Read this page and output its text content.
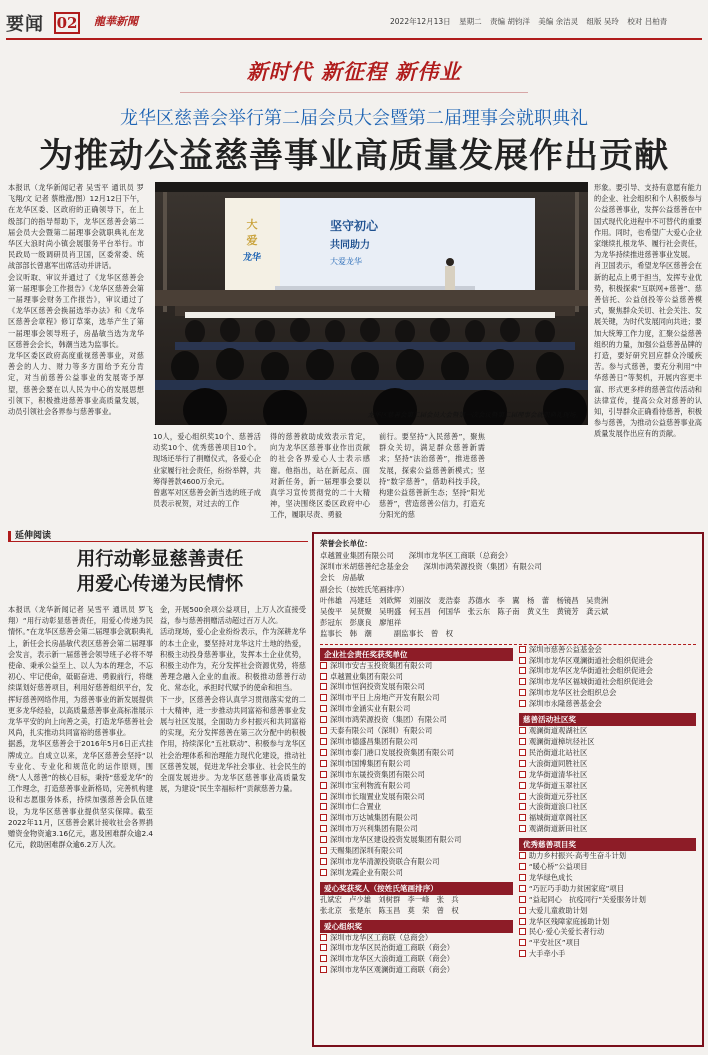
要闻 02 龍華新聞	2022年12月13日 星期二 责编 胡钧洋 美编 余洁灵 组版 吴玲 校对 吕柏青
新时代 新征程 新伟业
龙华区慈善会举行第二届会员大会暨第二届理事会就职典礼
为推动公益慈善事业高质量发展作出贡献
本报讯（龙华新闻记者 吴雪平 通讯员 罗飞翔/文 记者 蔡维涨/图）12月12日下午，在龙华区委、区政府的正确领导下，在上级部门的指导帮助下，龙华区慈善会第二届会员大会暨第二届理事会就职典礼在龙华区大浪时尚小镇会展服务平台举行。市民政局一级调研员肖卫国，区委常委、统战部部长曾惠军出席活动并讲话。
会议听取、审议并通过了《龙华区慈善会第一届理事会工作报告》《龙华区慈善会第一届理事会财务工作报告》，审议通过了《龙华区慈善会换届选举办法》和《龙华区慈善会章程》修订草案，选举产生了第一届理事会领导班子，房晶敏当选为龙华区慈善会会长，韩潮当选为监事长。
龙华区委区政府高度重视慈善事业，对慈善会的人力、财力等多方面给予充分肯定，对当前慈善公益事业的发展寄予厚望，慈善会要在以人民为中心的发展思想引领下，积极推进慈善事业高质量发展，动员引领社会各界参与慈善事业。
10人，爱心组织奖10个、慈善活动奖10个、优秀慈善项目10个。现场还举行了捐赠仪式，各爱心企业家履行社会责任，纷纷举牌，共筹得善款4600万余元。
曾惠军对区慈善会新当选的班子成员表示祝贺，对过去的工作
得的慈善救助成效表示肯定，向为龙华区慈善事业作出贡献的社会各界爱心人士表示感谢。他指出，站在新起点、面对新任务，新一届理事会要以真学习宣传贯彻党的二十大精神，坚决围绕区委区政府中心工作，履职尽责、勇毅
前行。要坚持“入民慈善”，聚焦群众关切，满足群众慈善新需求；坚持“法治慈善”，推进慈善发展，探索公益慈善新模式；坚持“数字慈善”，借助科技手段，构建公益慈善新生态；坚持“阳光慈善”，营造慈善公信力，打造充分阳光的慈
形象。要引导、支持有意愿有能力的企业、社会组织和个人积极参与公益慈善事业，发挥公益慈善在中国式现代化进程中不可替代的重要作用。同时，也希望广大爱心企业家继续扎根龙华、履行社会责任，为龙华持续推进慈善事业发展。
肖卫国表示，希望龙华区慈善会在新的起点上勇于担当，发挥专业优势，积极探索“互联网+慈善”、慈善信托、公益创投等公益慈善模式，聚焦群众关切、社会关注、发展关键，为时代发展同向共进；要加大统筹工作力度，汇聚公益慈善组织的力量，加强公益慈善品牌的打造，要好研究回应群众冷暖疾苦。参与式慈善，要充分利用“中华慈善日”等契机，开展内容更丰富、形式更多样的慈善宣传活动和法律宣传，提高公众对慈善的认知，引导群众正确看待慈善，积极参与慈善，为推动公益慈善事业高质量发展作出应有的贡献。
大
爱
龙华
坚守初心
共同助力
大爱龙华
龙华区慈善会第二届会员大会暨第一次会议暨第二届理事会就职典礼现场。
延伸阅读
用行动彰显慈善责任
用爱心传递为民情怀
本报讯（龙华新闻记者 吴雪平 通讯员 罗飞翔）“用行动彰显慈善责任，用爱心传递为民情怀。”在龙华区慈善会第二届理事会就职典礼上，新任会长房晶敏代表区慈善会第二届理事会发言，表示新一届慈善会领导班子必将不辱使命、秉承公益至上、以人为本的理念，不忘初心、牢记使命，砥砺奋进、勇毅前行，将继续谋划好慈善项目，利用好慈善组织平台，发挥好慈善网络作用，为慈善事业的新发展提供更多龙华经验，以高质量慈善事业高标准展示龙华平安的向上向善之美，打造龙华慈善社会风尚，扎实推动共同富裕的慈善事业。
据悉，龙华区慈善会于2016年5月6日正式挂牌成立。自成立以来，龙华区慈善会坚持“以专业化、专业化和规范化的运作原则，围绕“人人慈善”的核心目标，秉持“慈爱龙华”的工作理念，打造慈善事业新格局，完善机构建设和志愿服务体系，持续加强慈善会队伍建设，为龙华区慈善事业提供坚实保障。截至2022年11月，区慈善会累计接收社会各界捐赠资金物资逾3.16亿元，惠及困难群众逾2.4亿元，救助困难群众逾6.2万人次。
金，开展500余项公益项目，上万人次直接受益，参与慈善捐赠活动超过百万人次。
活动现场，爱心企业纷纷表示，作为深耕龙华的本土企业，要坚持对龙华这片土地的热爱，积极主动投身慈善事业，发挥本土企业优势，积极主动作为，充分发挥社会资源优势，将慈善理念融入企业的血液。积极推动慈善行动化、常态化，承担时代赋予的使命和担当。
下一步，区慈善会将认真学习贯彻落实党的二十大精神，进一步推动共同富裕和慈善事业发展与社区发展，全面助力乡村振兴和共同富裕的实现，充分发挥慈善在第三次分配中的积极作用，持续深化“五社联动”、积极参与龙华区社会治理体系和治理能力现代化建设，推动社区慈善发展，促进龙华社会事业、社会民生的全面发展进步。为龙华区慈善事业高质量发展，为建设“民生幸福标杆”贡献慈善力量。
荣誉会长单位：
卓越置业集团有限公司　　深圳市龙华区工商联（总商会）
深圳市米胡慈善纪念基金会　　深圳市鸿荣源投资（集团）有限公司
会长　房晶敏
副会长（按姓氏笔画排序）
叶伟雄　冯建廷　刘欧辉　刘丽汝　麦浩泰　苏德水　李　翼　杨　蕾　杨镜昌　吴贵洲
吴俊平　吴贤聚　吴明盛　何玉昌　何国华　张云东　陈子南　黄义生　黄镜芳　龚云斌
彭冠东　彭康良　廖旭祥
监事长　韩　潮　　　副监事长　曾　权
企业社会责任奖获奖单位
深圳市安吉玉投资集团有限公司
卓越置业集团有限公司
深圳市恒润投资发展有限公司
深圳市平日上房地产开发有限公司
深圳市金涵实业有限公司
深圳市鸿荣源投资（集团）有限公司
天泰有限公司（深圳）有限公司
深圳市德盛昌集团有限公司
深圳市泰门港口发展投资集团有限公司
深圳市国博集团有限公司
深圳市东晟投资集团有限公司
深圳市宝利物流有限公司
深圳市长瑞置业发展有限公司
深圳市仁合置业
深圳市万达城集团有限公司
深圳市万兴利集团有限公司
深圳市龙华区建设投资发展集团有限公司
天赐集团深圳有限公司
深圳市龙华清源投资联合有限公司
深圳龙霞企业有限公司
爱心奖获奖人（按姓氏笔画排序）
孔斌宏　卢少雄　刘树群　李一峰　张　兵
张北京　张楚东　陈玉昌　莫　荣　曾　权
爱心组织奖
深圳市龙华区工商联（总商会）
深圳市龙华区民治街道工商联（商会）
深圳市龙华区大浪街道工商联（商会）
深圳市龙华区观澜街道工商联（商会）
深圳市慈善公益基金会
深圳市龙华区观澜街道社会组织促进会
深圳市龙华区龙华街道社会组织促进会
深圳市龙华区福城街道社会组织促进会
深圳市龙华区社会组织总会
深圳市永隆慈善基金会
慈善活动社区奖
观澜街道观湖社区
观澜街道樟坑径社区
民治街道北站社区
大浪街道同胜社区
龙华街道清华社区
龙华街道玉翠社区
大浪街道元芬社区
大浪街道浪口社区
福城街道章阁社区
观湖街道新田社区
优秀慈善项目奖
助力乡村振兴·高考生奋斗计划
“暖心桥”公益项目
龙华绿色成长
“巧匠巧手助力贫困家庭”项目
“益起同心　抗疫同行”关爱服务计划
大爱儿童救助计划
龙华区残障家庭援助计划
民心·爱心关爱长者行动
“平安社区”项目
大手牵小手
